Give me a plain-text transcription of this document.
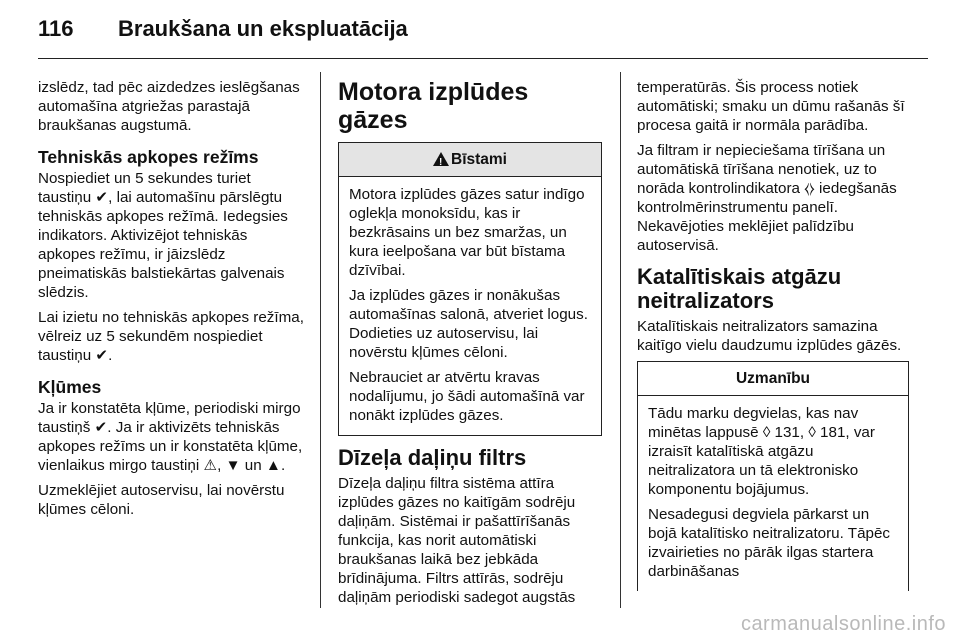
116 Braukšana un ekspluatācija

izslēdz, tad pēc aizdedzes ieslēgšanas automašīna atgriežas parastajā braukšanas augstumā.

Tehniskās apkopes režīms

Nospiediet un 5 sekundes turiet taustiņu ✔, lai automašīnu pārslēgtu tehniskās apkopes režīmā. Iedegsies indikators. Aktivizējot tehniskās apkopes režīmu, ir jāizslēdz pneimatiskās balstiekārtas galvenais slēdzis.

Lai izietu no tehniskās apkopes režīma, vēlreiz uz 5 sekundēm nospiediet taustiņu ✔.

Kļūmes

Ja ir konstatēta kļūme, periodiski mirgo taustiņš ✔. Ja ir aktivizēts tehniskās apkopes režīms un ir konstatēta kļūme, vienlaikus mirgo taustiņi ⚠, ▼ un ▲.

Uzmeklējiet autoservisu, lai novērstu kļūmes cēloni.

Motora izplūdes gāzes
!Bīstami

Motora izplūdes gāzes satur indīgo oglekļa monoksīdu, kas ir bezkrāsains un bez smaržas, un kura ieelpošana var būt bīstama dzīvībai.

Ja izplūdes gāzes ir nonākušas automašīnas salonā, atveriet logus. Dodieties uz autoservisu, lai novērstu kļūmes cēloni.

Nebrauciet ar atvērtu kravas nodalījumu, jo šādi automašīnā var nonākt izplūdes gāzes.

Dīzeļa daļiņu filtrs

Dīzeļa daļiņu filtra sistēma attīra izplūdes gāzes no kaitīgām sodrēju daļiņām. Sistēmai ir pašattīrīšanās funkcija, kas norit automātiski braukšanas laikā bez jebkāda brīdinājuma. Filtrs attīrās, sodrēju daļiņām periodiski sadegot augstās

temperatūrās. Šis process notiek automātiski; smaku un dūmu rašanās šī procesa gaitā ir normāla parādība.

Ja filtram ir nepieciešama tīrīšana un automātiskā tīrīšana nenotiek, uz to norāda kontrolindikatora ⧼⧽ iedegšanās kontrolmērinstrumentu panelī. Nekavējoties meklējiet palīdzību autoservisā.

Katalītiskais atgāzu neitralizators

Katalītiskais neitralizators samazina kaitīgo vielu daudzumu izplūdes gāzēs.

Uzmanību

Tādu marku degvielas, kas nav minētas lappusē ◊ 131, ◊ 181, var izraisīt katalītiskā atgāzu neitralizatora un tā elektronisko komponentu bojājumus.

Nesadegusi degviela pārkarst un bojā katalītisko neitralizatoru. Tāpēc izvairieties no pārāk ilgas startera darbināšanas

carmanualsonline.info
